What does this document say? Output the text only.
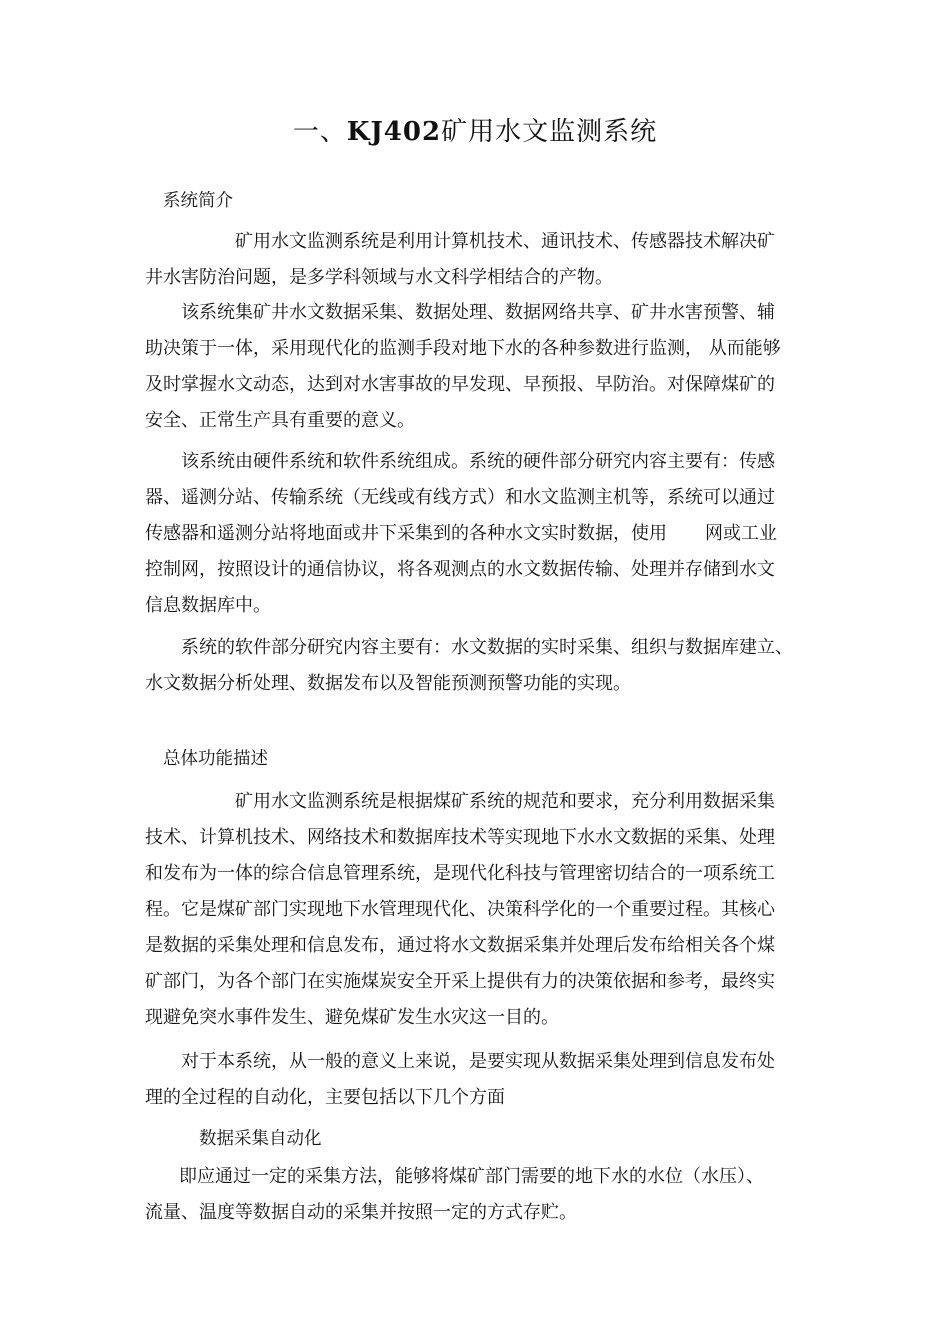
一、KJ402矿用水文监测系统
系统简介
矿用水文监测系统是利用计算机技术、通讯技术、传感器技术解决矿
井水害防治问题，是多学科领域与水文科学相结合的产物。
该系统集矿井水文数据采集、数据处理、数据网络共享、矿井水害预警、辅
助决策于一体，采用现代化的监测手段对地下水的各种参数进行监测， 从而能够
及时掌握水文动态，达到对水害事故的早发现、早预报、早防治。对保障煤矿的
安全、正常生产具有重要的意义。
该系统由硬件系统和软件系统组成。系统的硬件部分研究内容主要有：传感
器、遥测分站、传输系统（无线或有线方式）和水文监测主机等，系统可以通过
传感器和遥测分站将地面或井下采集到的各种水文实时数据，使用 网或工业
控制网，按照设计的通信协议，将各观测点的水文数据传输、处理并存储到水文
信息数据库中。
系统的软件部分研究内容主要有：水文数据的实时采集、组织与数据库建立、
水文数据分析处理、数据发布以及智能预测预警功能的实现。
总体功能描述
矿用水文监测系统是根据煤矿系统的规范和要求，充分利用数据采集
技术、计算机技术、网络技术和数据库技术等实现地下水水文数据的采集、处理
和发布为一体的综合信息管理系统，是现代化科技与管理密切结合的一项系统工
程。它是煤矿部门实现地下水管理现代化、决策科学化的一个重要过程。其核心
是数据的采集处理和信息发布，通过将水文数据采集并处理后发布给相关各个煤
矿部门，为各个部门在实施煤炭安全开采上提供有力的决策依据和参考，最终实
现避免突水事件发生、避免煤矿发生水灾这一目的。
对于本系统，从一般的意义上来说，是要实现从数据采集处理到信息发布处
理的全过程的自动化，主要包括以下几个方面
数据采集自动化
即应通过一定的采集方法，能够将煤矿部门需要的地下水的水位（水压）、
流量、温度等数据自动的采集并按照一定的方式存贮。
